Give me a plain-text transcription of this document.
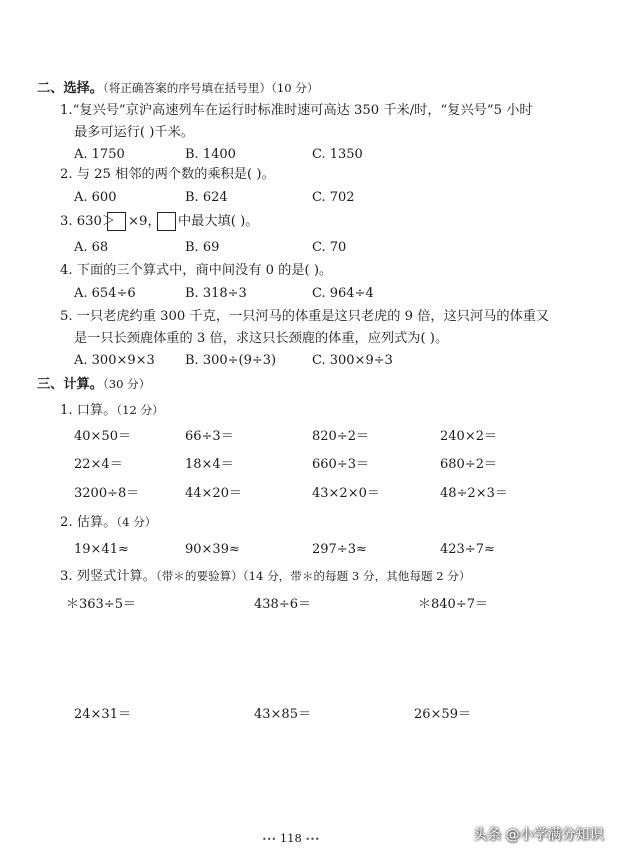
二、选择。（将正确答案的序号填在括号里）（10 分）
1.“复兴号”京沪高速列车在运行时标准时速可高达 350 千米/时，“复兴号”5 小时
最多可运行( )千米。
A. 1750	B. 1400	C. 1350
2. 与 25 相邻的两个数的乘积是( )。
A. 600	B. 624	C. 702
3. 630＞ ×9， 中最大填( )。
A. 68	B. 69	C. 70
4. 下面的三个算式中，商中间没有 0 的是( )。
A. 654÷6	B. 318÷3	C. 964÷4
5. 一只老虎约重 300 千克，一只河马的体重是这只老虎的 9 倍，这只河马的体重又
是一只长颈鹿体重的 3 倍，求这只长颈鹿的体重，应列式为( )。
A. 300×9×3 B. 300÷(9÷3)	C. 300×9÷3
三、计算。（30 分）
1. 口算。（12 分）
40×50＝	66÷3＝	820÷2＝	240×2＝
22×4＝	18×4＝	660÷3＝	680÷2＝
3200÷8＝	44×20＝	43×2×0＝	48÷2×3＝
2. 估算。（4 分）
19×41≈	90×39≈	297÷3≈	423÷7≈
3. 列竖式计算。（带＊的要验算）（14 分，带＊的每题 3 分，其他每题 2 分）
＊363÷5＝	438÷6＝	＊840÷7＝
24×31＝	43×85＝	26×59＝
••• 118 •••	头条 @小学满分知识
